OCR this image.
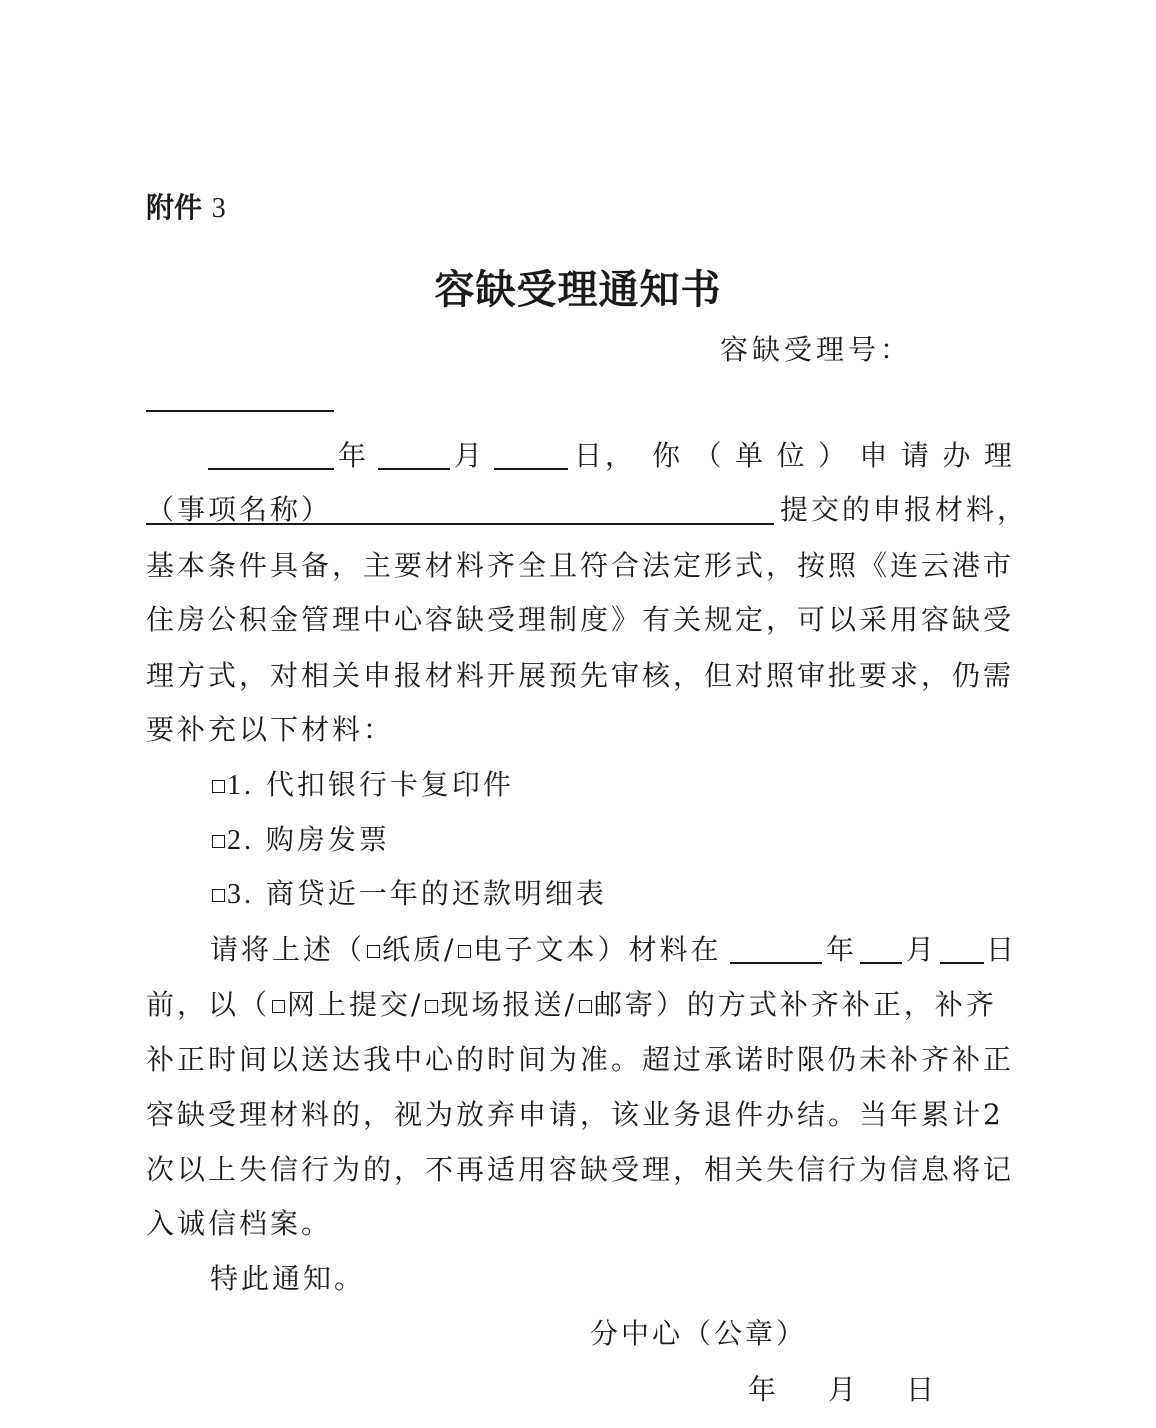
附件 3
容缺受理通知书
容缺受理号：
年	月	日， 你 （ 单 位 ） 申 请 办 理
（事项名称）	提交的申报材料，
基本条件具备，主要材料齐全且符合法定形式，按照《连云港市
住房公积金管理中心容缺受理制度》有关规定，可以采用容缺受
理方式，对相关申报材料开展预先审核，但对照审批要求，仍需
要补充以下材料：
1. 代扣银行卡复印件
2. 购房发票
3. 商贷近一年的还款明细表
请将上述（ 纸质/ 电子文本）材料在	年 月 日
前，以（ 网上提交/ 现场报送/ 邮寄）的方式补齐补正，补齐
补正时间以送达我中心的时间为准。超过承诺时限仍未补齐补正
容缺受理材料的，视为放弃申请，该业务退件办结。当年累计2
次以上失信行为的，不再适用容缺受理，相关失信行为信息将记
入诚信档案。
特此通知。
分中心（公章）
年 月 日
